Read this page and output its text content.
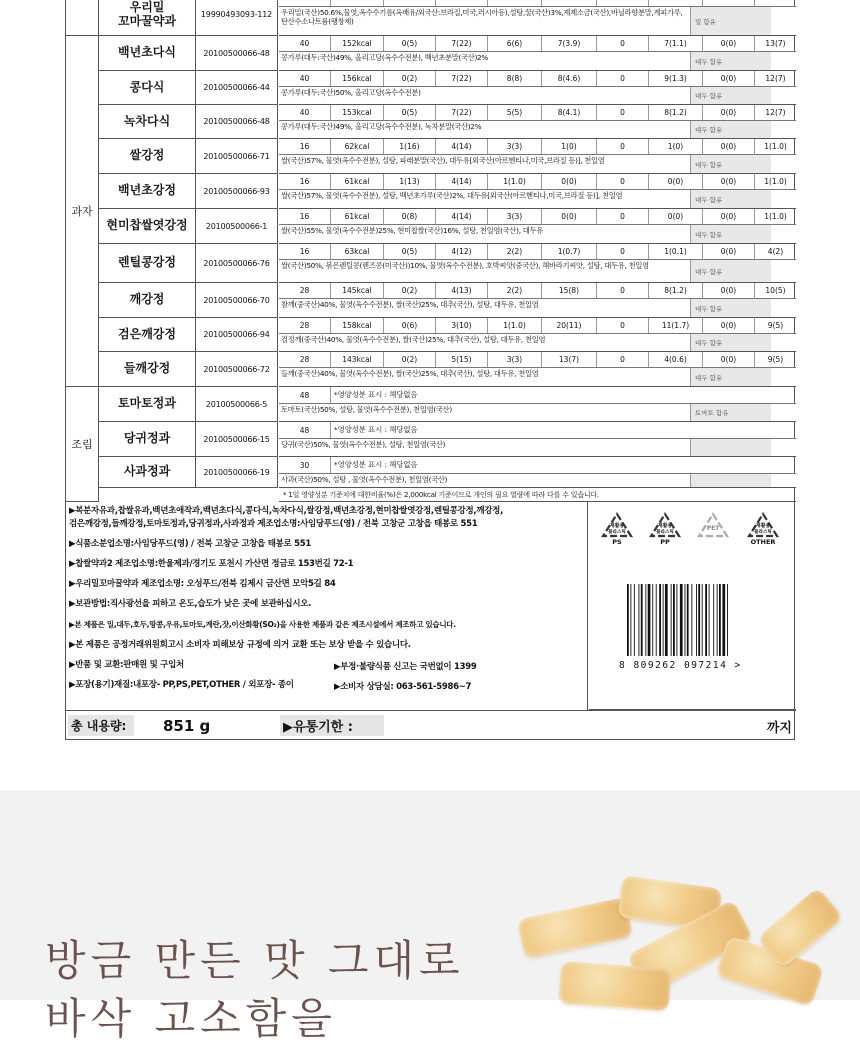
우리밀
꼬마꿀약과	19990493093-112	우리밀(국산)50.6%,물엿,옥수수기름(옥배유/외국산:브라질,미국,러시아등),설탕,꿀(국산)3%,제제소금(국산),바닐라향분말,계피가루,탄산수소나트륨(팽창제)	밀 함유
과자
조림
백년초다식	20100500066-48
40	152kcal	0(5)	7(22)	6(6)	7(3.9)	0	7(1.1)	0(0)	13(7)
콩가루(대두:국산)49%, 올리고당(옥수수전분), 백년초분말(국산)2%	대두 함유
콩다식	20100500066-44
40	156kcal	0(2)	7(22)	8(8)	8(4.6)	0	9(1.3)	0(0)	12(7)
콩가루(대두:국산)50%, 올리고당(옥수수전분)	대두 함유
녹차다식	20100500066-48
40	153kcal	0(5)	7(22)	5(5)	8(4.1)	0	8(1.2)	0(0)	12(7)
콩가루(대두:국산)49%, 올리고당(옥수수전분), 녹차분말(국산)2%	대두 함유
쌀강정	20100500066-71
16	62kcal	1(16)	4(14)	3(3)	1(0)	0	1(0)	0(0)	1(1.0)
쌀(국산)57%, 물엿(옥수수전분), 설탕, 파래분말(국산), 대두유[외국산(아르헨티나,미국,브라질 등)], 천일염	대두 함유
백년초강정	20100500066-93
16	61kcal	1(13)	4(14)	1(1.0)	0(0)	0	0(0)	0(0)	1(1.0)
쌀(국산)57%, 물엿(옥수수전분), 설탕, 백년초가루(국산)2%, 대두유[외국산(아르헨티나,미국,브라질 등)], 천일염	대두 함유
현미찹쌀엿강정	20100500066-1
16	61kcal	0(8)	4(14)	3(3)	0(0)	0	0(0)	0(0)	1(1.0)
쌀(국산)55%, 물엿(옥수수전분)25%, 현미찹쌀(국산)16%, 설탕, 천일염(국산), 대두유	대두 함유
렌틸콩강정	20100500066-76
16	63kcal	0(5)	4(12)	2(2)	1(0.7)	0	1(0.1)	0(0)	4(2)
쌀(국산)50%, 볶은렌틸콩(렌즈콩(미국산))10%, 물엿(옥수수전분), 호박씨앗(중국산), 해바라기씨앗, 설탕, 대두유, 천일염
대두 함유
깨강정	20100500066-70
28	145kcal	0(2)	4(13)	2(2)	15(8)	0	8(1.2)	0(0)	10(5)
참깨(중국산)40%, 물엿(옥수수전분), 쌀(국산)25%, 대추(국산), 설탕, 대두유, 천일염	대두 함유
검은깨강정	20100500066-94
28	158kcal	0(6)	3(10)	1(1.0)	20(11)	0	11(1.7)	0(0)	9(5)
검정깨(중국산)40%, 물엿(옥수수전분), 쌀(국산)25%, 대추(국산), 설탕, 대두유, 천일염	대두 함유
들깨강정	20100500066-72
28	143kcal	0(2)	5(15)	3(3)	13(7)	0	4(0.6)	0(0)	9(5)
들깨(중국산)40%, 물엿(옥수수전분), 쌀(국산)25%, 대추(국산), 설탕, 대두유, 천일염	대두 함유
토마토정과	20100500066-5
48	*영양성분 표시 : 해당없음
토마토(국산)50%, 설탕, 물엿(옥수수전분), 천일염(국산)	토마토 함유
당귀정과	20100500066-15
48	*영양성분 표시 : 해당없음
당귀(국산)50%, 물엿(옥수수전분), 설탕, 천일염(국산)
사과정과	20100500066-19
30	*영양성분 표시 : 해당없음
사과(국산)50%, 설탕 , 물엿(옥수수전분), 천일염(국산)
* 1일 영양성분 기준치에 대한비율(%)은 2,000kcal 기준이므로 개인의 필요 열량에 따라 다를 수 있습니다.
▶복분자유과,찹쌀유과,백년초애작과,백년초다식,콩다식,녹차다식,쌀강정,백년초강정,현미찹쌀엿강정,렌틸콩강정,깨강정,
검은깨강정,들깨강정,토마토정과,당귀정과,사과정과 제조업소명:사임당푸드(영) / 전북 고창군 고창읍 태봉로 551
▶식품소분업소명:사임당푸드(영) / 전북 고창군 고창읍 태봉로 551
▶찹쌀약과2 제조업소명:한울제과/경기도 포천시 가산면 정금로 153번길 72-1
▶우리밀꼬마꿀약과 제조업소명: 오성푸드/전북 김제시 금산면 모악5길 84
▶보관방법:직사광선을 피하고 온도,습도가 낮은 곳에 보관하십시오.
▶본 제품은 밀,대두,호두,땅콩,우유,토마토,계란,잣,이산화황(SO₂)을 사용한 제품과 같은 제조시설에서 제조하고 있습니다.
▶본 제품은 공정거래위원회고시 소비자 피해보상 규정에 의거 교환 또는 보상 받을 수 있습니다.
▶반품 및 교환:판매원 및 구입처	▶부정·불량식품 신고는 국번없이 1399
▶포장(용기)재질:내포장- PP,PS,PET,OTHER / 외포장- 종이	▶소비자 상담실: 063-561-5986~7
재활용
플라스틱
PS
재활용
플라스틱
PP
PET	재활용
플라스틱
OTHER
8 809262 097214 >
총 내용량:	851 g	▶유통기한 :	까지
방금 만든 맛 그대로
바삭 고소함을
